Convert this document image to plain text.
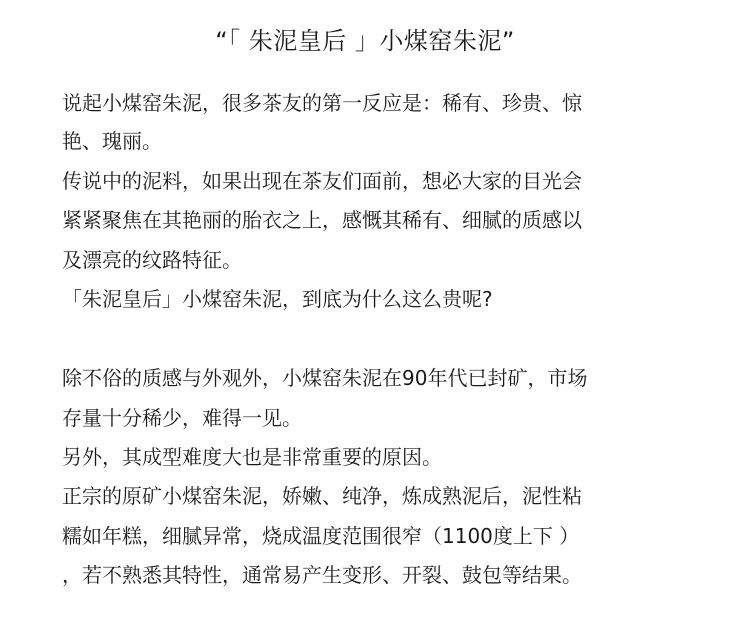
“「 朱泥皇后 」小煤窑朱泥”

说起小煤窑朱泥，很多茶友的第一反应是：稀有、珍贵、惊

艳、瑰丽。

传说中的泥料，如果出现在茶友们面前，想必大家的目光会

紧紧聚焦在其艳丽的胎衣之上，感慨其稀有、细腻的质感以

及漂亮的纹路特征。

「朱泥皇后」小煤窑朱泥，到底为什么这么贵呢?

除不俗的质感与外观外，小煤窑朱泥在90年代已封矿，市场

存量十分稀少，难得一见。

另外，其成型难度大也是非常重要的原因。

正宗的原矿小煤窑朱泥，娇嫩、纯净，炼成熟泥后，泥性粘

糯如年糕，细腻异常，烧成温度范围很窄（1100度上下 ）

，若不熟悉其特性，通常易产生变形、开裂、鼓包等结果。
